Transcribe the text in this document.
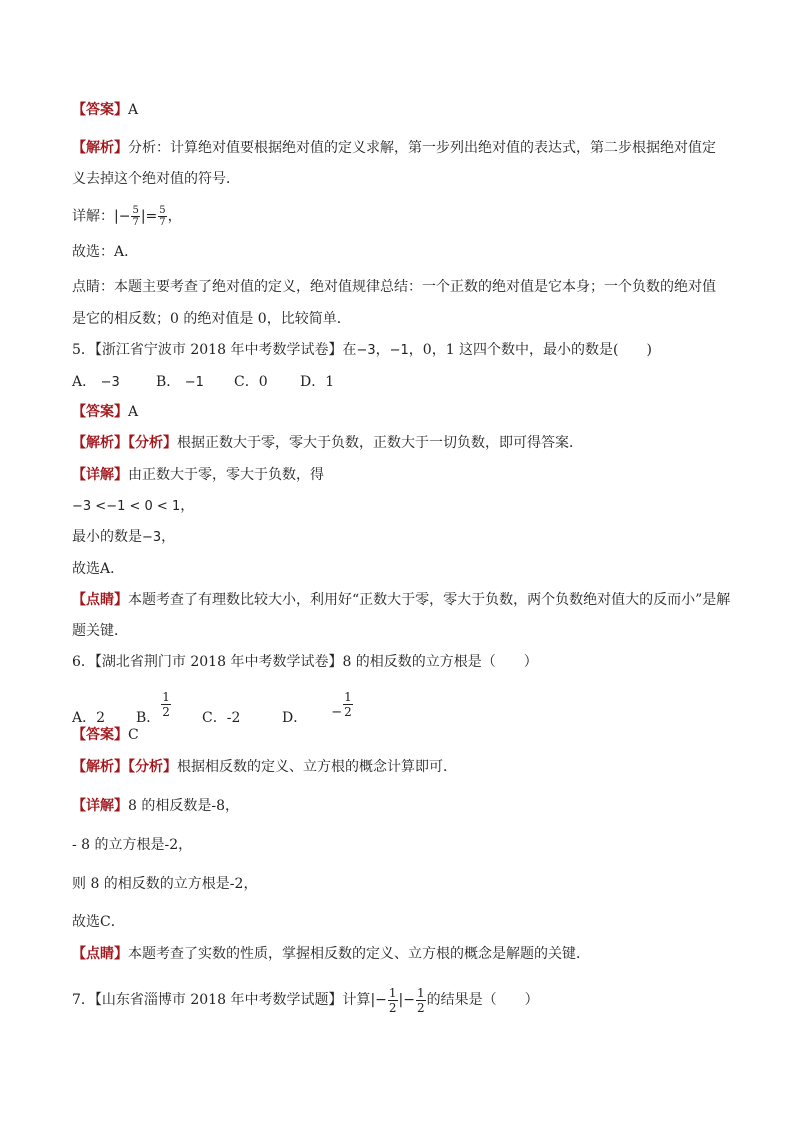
【答案】A
【解析】分析：计算绝对值要根据绝对值的定义求解，第一步列出绝对值的表达式，第二步根据绝对值定
义去掉这个绝对值的符号．
详解：|− $\frac{5}{7}$ |= $\frac{5}{7}$ ，
故选：A．
点睛：本题主要考查了绝对值的定义，绝对值规律总结：一个正数的绝对值是它本身；一个负数的绝对值
是它的相反数；0 的绝对值是 0，比较简单．
5．【浙江省宁波市 2018 年中考数学试卷】在−3，−1，0，1 这四个数中，最小的数是(　　)
A． −3	B． −1 C．0 D．1
【答案】A
【解析】【分析】根据正数大于零，零大于负数，正数大于一切负数，即可得答案．
【详解】由正数大于零，零大于负数，得
−3 <−1 < 0 < 1，
最小的数是−3，
故选A．
【点睛】本题考查了有理数比较大小，利用好“正数大于零，零大于负数，两个负数绝对值大的反而小”是解
题关键．
6．【湖北省荆门市 2018 年中考数学试卷】8 的相反数的立方根是（　　）
A．2 B． $\frac{1}{2}$ C．-2	D． − $\frac{1}{2}$
【答案】C
【解析】【分析】根据相反数的定义、立方根的概念计算即可．
【详解】8 的相反数是-8，
- 8 的立方根是-2，
则 8 的相反数的立方根是-2，
故选C．
【点睛】本题考查了实数的性质，掌握相反数的定义、立方根的概念是解题的关键．
7．【山东省淄博市 2018 年中考数学试题】计算|− $\frac{1}{2}$ |− $\frac{1}{2}$ 的结果是（　　）
